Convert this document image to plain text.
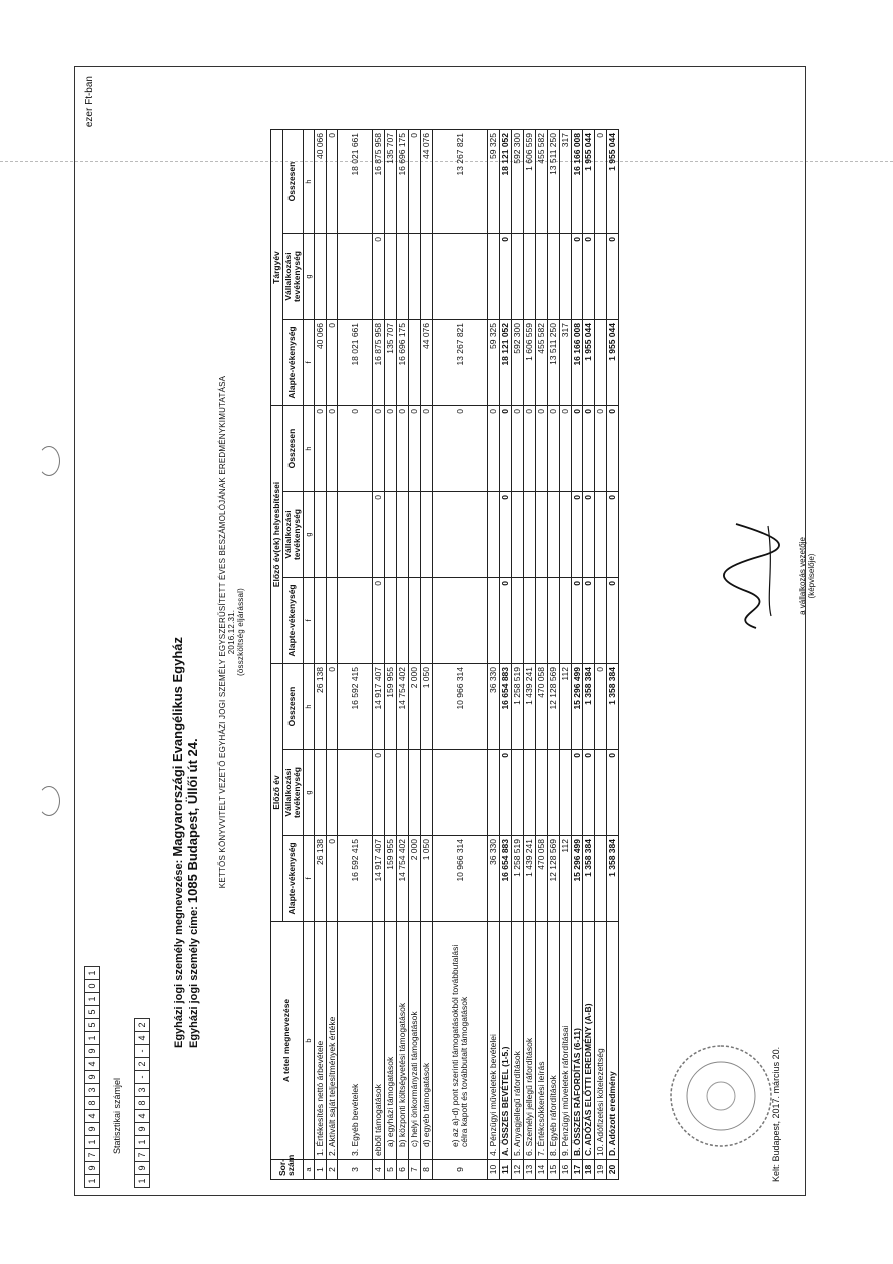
ezer Ft-ban
1
9
7
1
9
4
8
3
9
4
9
1
5
5
1
0
1
Statisztikai számjel
1
9
7
1
9
4
8
3
-
2
-
4
2 Egyházi jogi személy megnevezése: Magyarországi Evangélikus Egyház
Egyházi jogi személy címe: 1085 Budapest, Üllői út 24. KETTŐS KÖNYVVITELT VEZETŐ EGYHÁZI JOGI SZEMÉLY EGYSZERŰSÍTETT ÉVES BESZÁMOLÓJÁNAK EREDMÉNYKIMUTATÁSA 2016.12.31. (összköltség eljárással)
Sor-szám	A tétel megnevezése	Előző év			Előző év(ek) helyesbítései			Tárgyév		
		Alapte-vékenység	Vállalkozási tevékenység	Összesen	Alapte-vékenység	Vállalkozási tevékenység	Összesen	Alapte-vékenység	Vállalkozási tevékenység	Összesen
a	b	f	g	h	f	g	h	f	g	h
1	1. Értékesítés nettó árbevétele	26 138		26 138			0	40 066		40 066
2	2. Aktivált saját teljesítmények értéke	0		0			0	0		0
3	3. Egyéb bevételek	16 592 415		16 592 415			0	18 021 661		18 021 661
4	ebből támogatások	14 917 407	0	14 917 407	0	0	0	16 875 958	0	16 875 958
5	a) egyházi támogatások	159 955		159 955			0	135 707		135 707
6	b) központi költségvetési támogatások	14 754 402		14 754 402			0	16 696 175		16 696 175
7	c) helyi önkormányzati támogatások	2 000		2 000			0			0
8	d) egyéb támogatások	1 050		1 050			0	44 076		44 076
9	e) az a)-d) pont szerinti támogatásokból továbbutalási célra kapott és továbbutalt támogatások	10 966 314		10 966 314			0	13 267 821		13 267 821
10	4. Pénzügyi műveletek bevételei	36 330		36 330			0	59 325		59 325
11	A. ÖSSZES BEVÉTEL (1-5.)	16 654 883	0	16 654 883	0	0	0	18 121 052	0	18 121 052
12	5. Anyagjellegű ráfordítások	1 258 519		1 258 519			0	592 300		592 300
13	6. Személyi jellegű ráfordítások	1 439 241		1 439 241			0	1 606 559		1 606 559
14	7. Értékcsökkenési leírás	470 058		470 058			0	455 582		455 582
15	8. Egyéb ráfordítások	12 128 569		12 128 569			0	13 511 250		13 511 250
16	9. Pénzügyi műveletek ráfordításai	112		112			0	317		317
17	B. ÖSSZES RÁFORDÍTÁS (6-11)	15 296 499	0	15 296 499	0	0	0	16 166 008	0	16 166 008
18	C. ADÓZÁS ELŐTTI EREDMÉNY (A-B)	1 358 384	0	1 358 384	0	0	0	1 955 044	0	1 955 044
19	10. Adófizetési kötelezettség			0			0			0
20	D. Adózott eredmény	1 358 384	0	1 358 384	0	0	0	1 955 044	0	1 955 044
Kelt: Budapest, 2017. március 20.
a vállalkozás vezetője (képviselője)
